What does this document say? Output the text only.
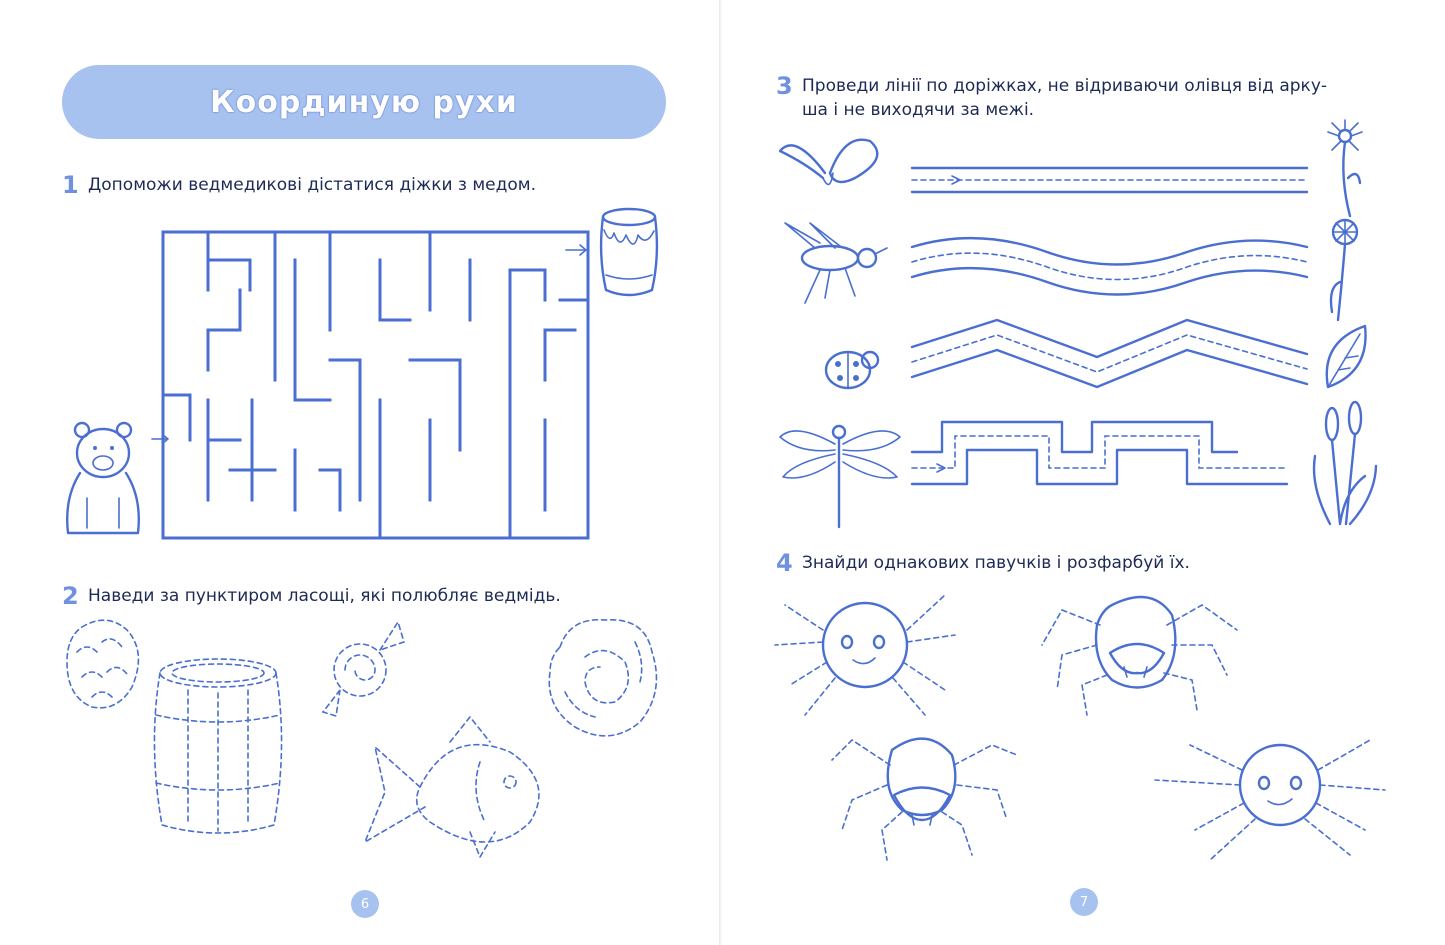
Координую рухи
1 Допоможи ведмедикові дістатися діжки з медом.
2 Наведи за пунктиром ласощі, які полюбляє ведмідь.
6
3 Проведи лінії по доріжках, не відриваючи олівця від арку-
ша і не виходячи за межі.
4 Знайди однакових павучків і розфарбуй їх.
7
